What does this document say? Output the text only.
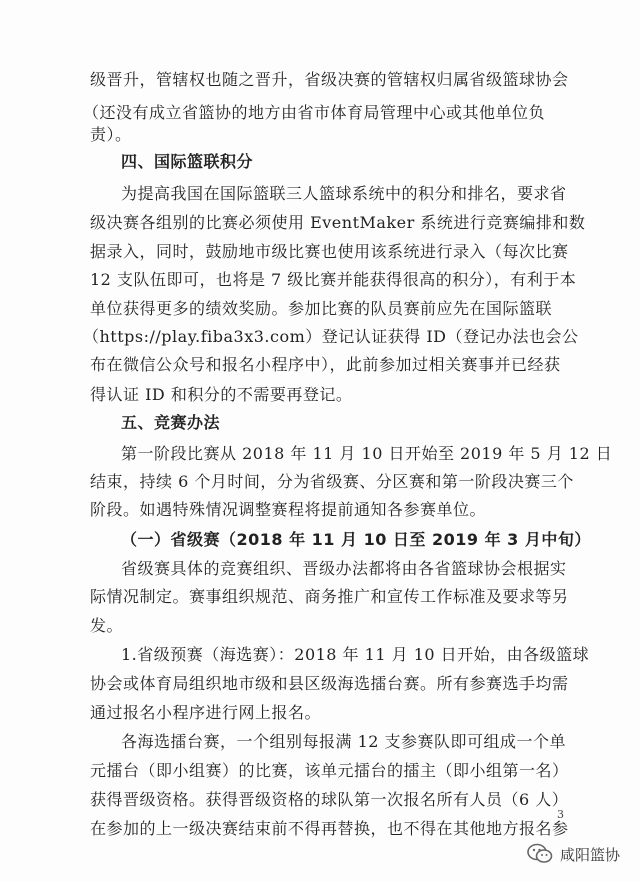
级晋升，管辖权也随之晋升，省级决赛的管辖权归属省级篮球协会
（还没有成立省篮协的地方由省市体育局管理中心或其他单位负
责）。
四、国际篮联积分
为提高我国在国际篮联三人篮球系统中的积分和排名，要求省
级决赛各组别的比赛必须使用 EventMaker 系统进行竞赛编排和数
据录入，同时，鼓励地市级比赛也使用该系统进行录入（每次比赛
12 支队伍即可，也将是 7 级比赛并能获得很高的积分），有利于本
单位获得更多的绩效奖励。参加比赛的队员赛前应先在国际篮联
（https://play.fiba3x3.com）登记认证获得 ID（登记办法也会公
布在微信公众号和报名小程序中），此前参加过相关赛事并已经获
得认证 ID 和积分的不需要再登记。
五、竞赛办法
第一阶段比赛从 2018 年 11 月 10 日开始至 2019 年 5 月 12 日
结束，持续 6 个月时间，分为省级赛、分区赛和第一阶段决赛三个
阶段。如遇特殊情况调整赛程将提前通知各参赛单位。
（一）省级赛（2018 年 11 月 10 日至 2019 年 3 月中旬）
省级赛具体的竞赛组织、晋级办法都将由各省篮球协会根据实
际情况制定。赛事组织规范、商务推广和宣传工作标准及要求等另
发。
1.省级预赛（海选赛）：2018 年 11 月 10 日开始，由各级篮球
协会或体育局组织地市级和县区级海选擂台赛。所有参赛选手均需
通过报名小程序进行网上报名。
各海选擂台赛，一个组别每报满 12 支参赛队即可组成一个单
元擂台（即小组赛）的比赛，该单元擂台的擂主（即小组第一名）
获得晋级资格。获得晋级资格的球队第一次报名所有人员（6 人）
在参加的上一级决赛结束前不得再替换，也不得在其他地方报名参
3
咸阳篮协
